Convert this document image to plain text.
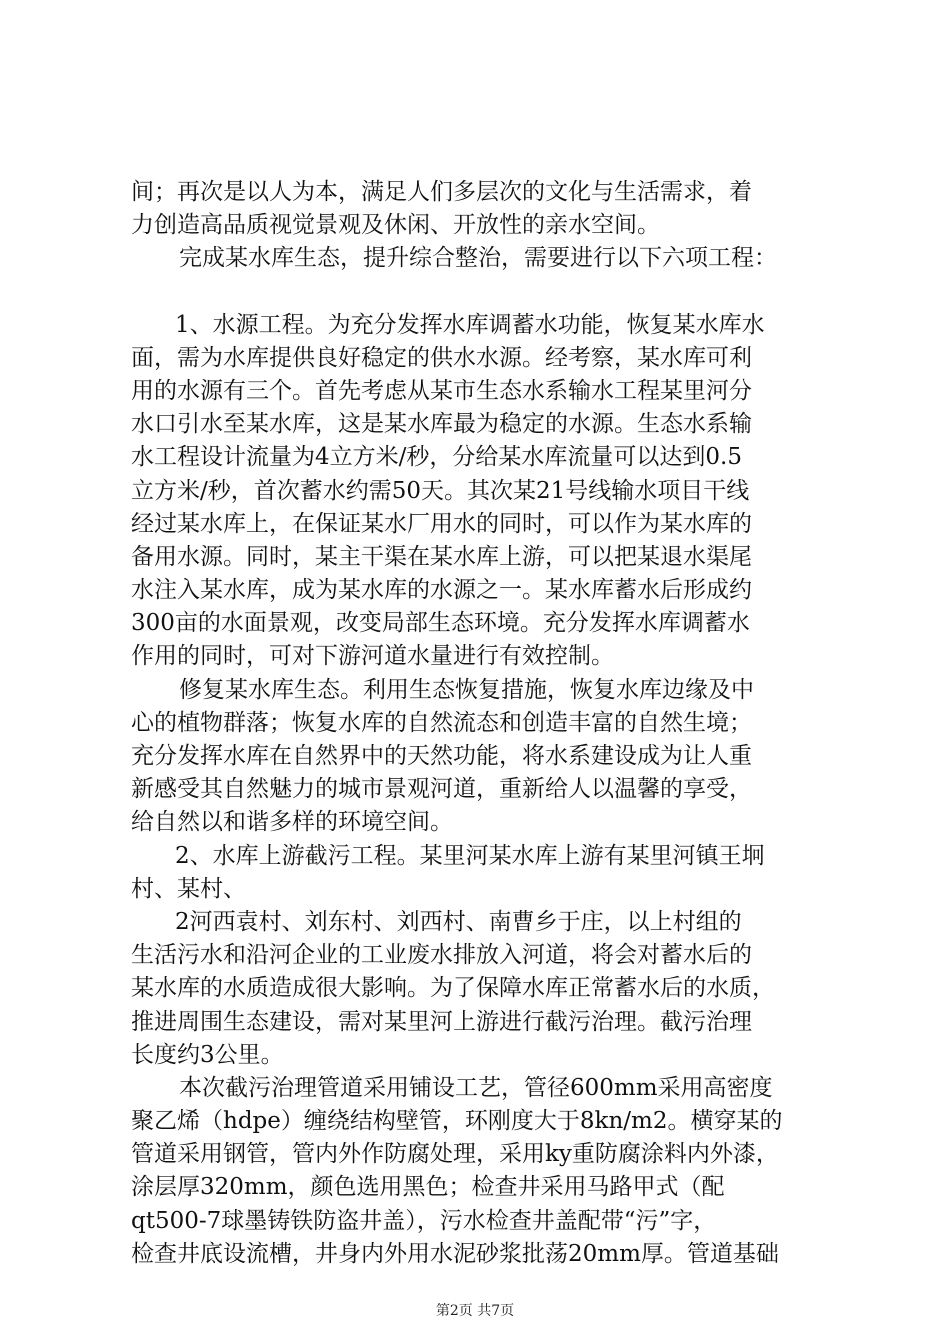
间；再次是以人为本，满足人们多层次的文化与生活需求，着
力创造高品质视觉景观及休闲、开放性的亲水空间。
完成某水库生态，提升综合整治，需要进行以下六项工程：
1、水源工程。为充分发挥水库调蓄水功能，恢复某水库水
面，需为水库提供良好稳定的供水水源。经考察，某水库可利
用的水源有三个。首先考虑从某市生态水系输水工程某里河分
水口引水至某水库，这是某水库最为稳定的水源。生态水系输
水工程设计流量为4立方米/秒，分给某水库流量可以达到0.5
立方米/秒，首次蓄水约需50天。其次某21号线输水项目干线
经过某水库上，在保证某水厂用水的同时，可以作为某水库的
备用水源。同时，某主干渠在某水库上游，可以把某退水渠尾
水注入某水库，成为某水库的水源之一。某水库蓄水后形成约
300亩的水面景观，改变局部生态环境。充分发挥水库调蓄水
作用的同时，可对下游河道水量进行有效控制。
修复某水库生态。利用生态恢复措施，恢复水库边缘及中
心的植物群落；恢复水库的自然流态和创造丰富的自然生境；
充分发挥水库在自然界中的天然功能，将水系建设成为让人重
新感受其自然魅力的城市景观河道，重新给人以温馨的享受，
给自然以和谐多样的环境空间。
2、水库上游截污工程。某里河某水库上游有某里河镇王坰
村、某村、
2河西袁村、刘东村、刘西村、南曹乡于庄，以上村组的
生活污水和沿河企业的工业废水排放入河道，将会对蓄水后的
某水库的水质造成很大影响。为了保障水库正常蓄水后的水质，
推进周围生态建设，需对某里河上游进行截污治理。截污治理
长度约3公里。
本次截污治理管道采用铺设工艺，管径600mm采用高密度
聚乙烯（hdpe）缠绕结构壁管，环刚度大于8kn/m2。横穿某的
管道采用钢管，管内外作防腐处理，采用ky重防腐涂料内外漆，
涂层厚320mm，颜色选用黑色；检查井采用马路甲式（配
qt500-7球墨铸铁防盗井盖），污水检查井盖配带“污”字，
检查井底设流槽，井身内外用水泥砂浆批荡20mm厚。管道基础
第2页 共7页
